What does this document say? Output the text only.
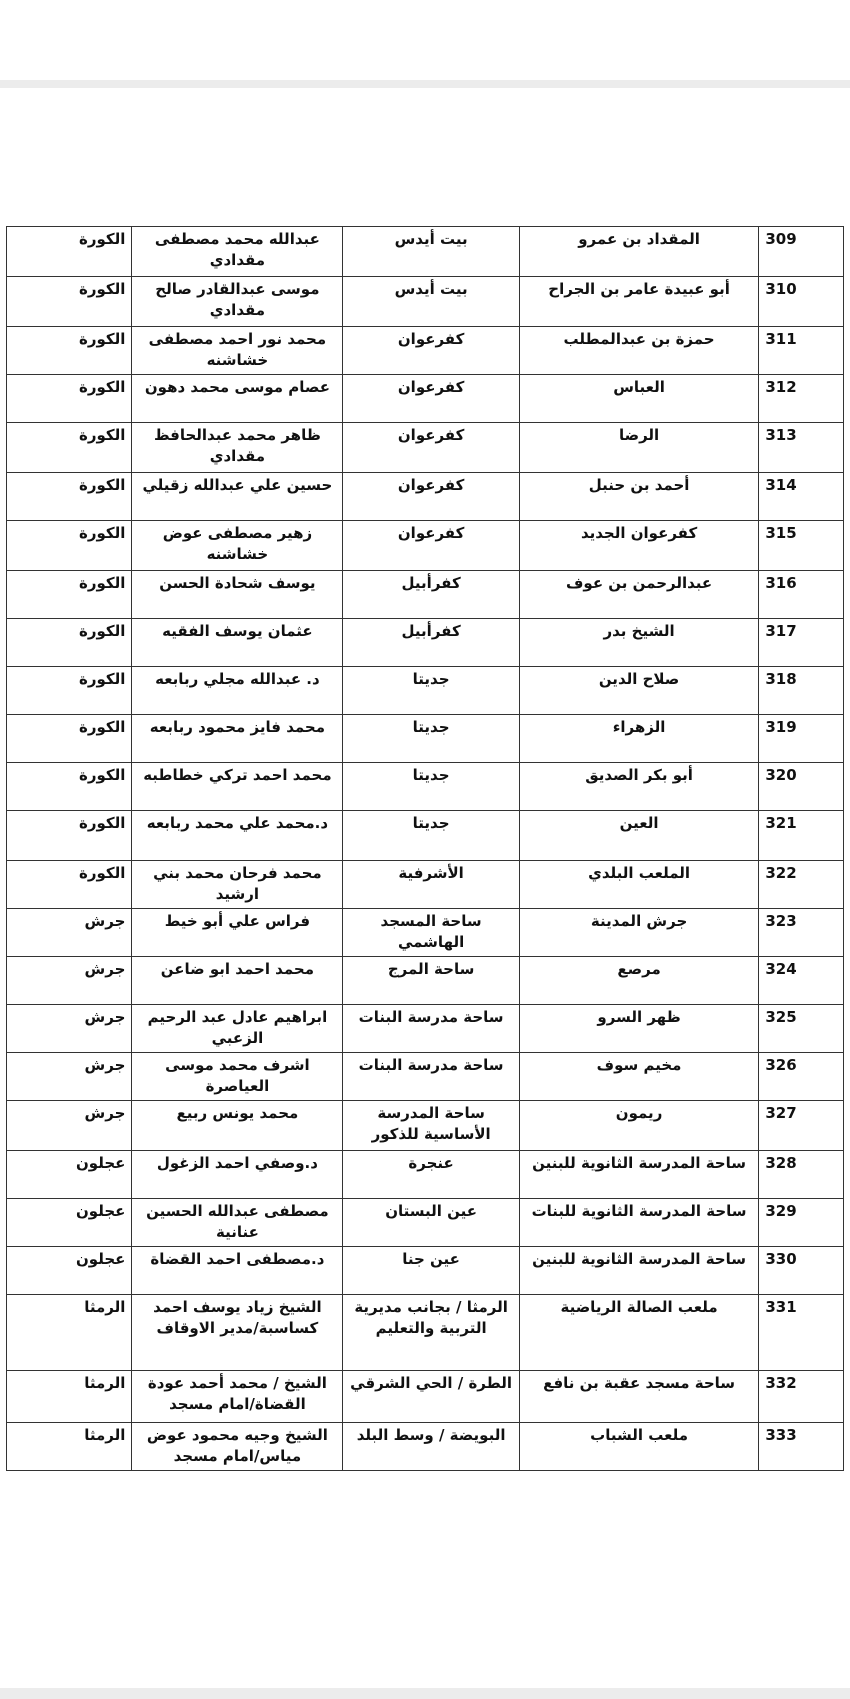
الكورة	عبدالله محمد مصطفى مقدادي	بيت أيدس	المقداد بن عمرو	309
الكورة	موسى عبدالقادر صالح مقدادي	بيت أيدس	أبو عبيدة عامر بن الجراح	310
الكورة	محمد نور احمد مصطفى خشاشنه	كفرعوان	حمزة بن عبدالمطلب	311
الكورة	عصام موسى محمد دهون	كفرعوان	العباس	312
الكورة	ظاهر محمد عبدالحافظ مقدادي	كفرعوان	الرضا	313
الكورة	حسين علي عبدالله زقيلي	كفرعوان	أحمد بن حنبل	314
الكورة	زهير مصطفى عوض خشاشنه	كفرعوان	كفرعوان الجديد	315
الكورة	يوسف شحادة الحسن	كفرأبيل	عبدالرحمن بن عوف	316
الكورة	عثمان يوسف الفقيه	كفرأبيل	الشيخ بدر	317
الكورة	د. عبدالله مجلي ربابعه	جديتا	صلاح الدين	318
الكورة	محمد فايز محمود ربابعه	جديتا	الزهراء	319
الكورة	محمد احمد تركي خطاطبه	جديتا	أبو بكر الصديق	320
الكورة	د.محمد علي محمد ربابعه	جديتا	العين	321
الكورة	محمد فرحان محمد بني ارشيد	الأشرفية	الملعب البلدي	322
جرش	فراس علي أبو خيط	ساحة المسجد الهاشمي	جرش المدينة	323
جرش	محمد احمد ابو ضاعن	ساحة المرج	مرصع	324
جرش	ابراهيم عادل عبد الرحيم الزعبي	ساحة مدرسة البنات	ظهر السرو	325
جرش	اشرف محمد موسى العياصرة	ساحة مدرسة البنات	مخيم سوف	326
جرش	محمد يونس ربيع	ساحة المدرسة الأساسية للذكور	ريمون	327
عجلون	د.وصفي احمد الزغول	عنجرة	ساحة المدرسة الثانوية للبنين	328
عجلون	مصطفى عبدالله الحسين عنانية	عين البستان	ساحة المدرسة الثانوية للبنات	329
عجلون	د.مصطفى احمد القضاة	عين جنا	ساحة المدرسة الثانوية للبنين	330
الرمثا	الشيخ زياد يوسف احمد كساسبة/مدير الاوقاف	الرمثا / بجانب مديرية التربية والتعليم	ملعب الصالة الرياضية	331
الرمثا	الشيخ / محمد أحمد عودة القضاة/امام مسجد	الطرة / الحي الشرقي	ساحة مسجد عقبة بن نافع	332
الرمثا	الشيخ وجيه محمود عوض مياس/امام مسجد	البويضة / وسط البلد	ملعب الشباب	333
